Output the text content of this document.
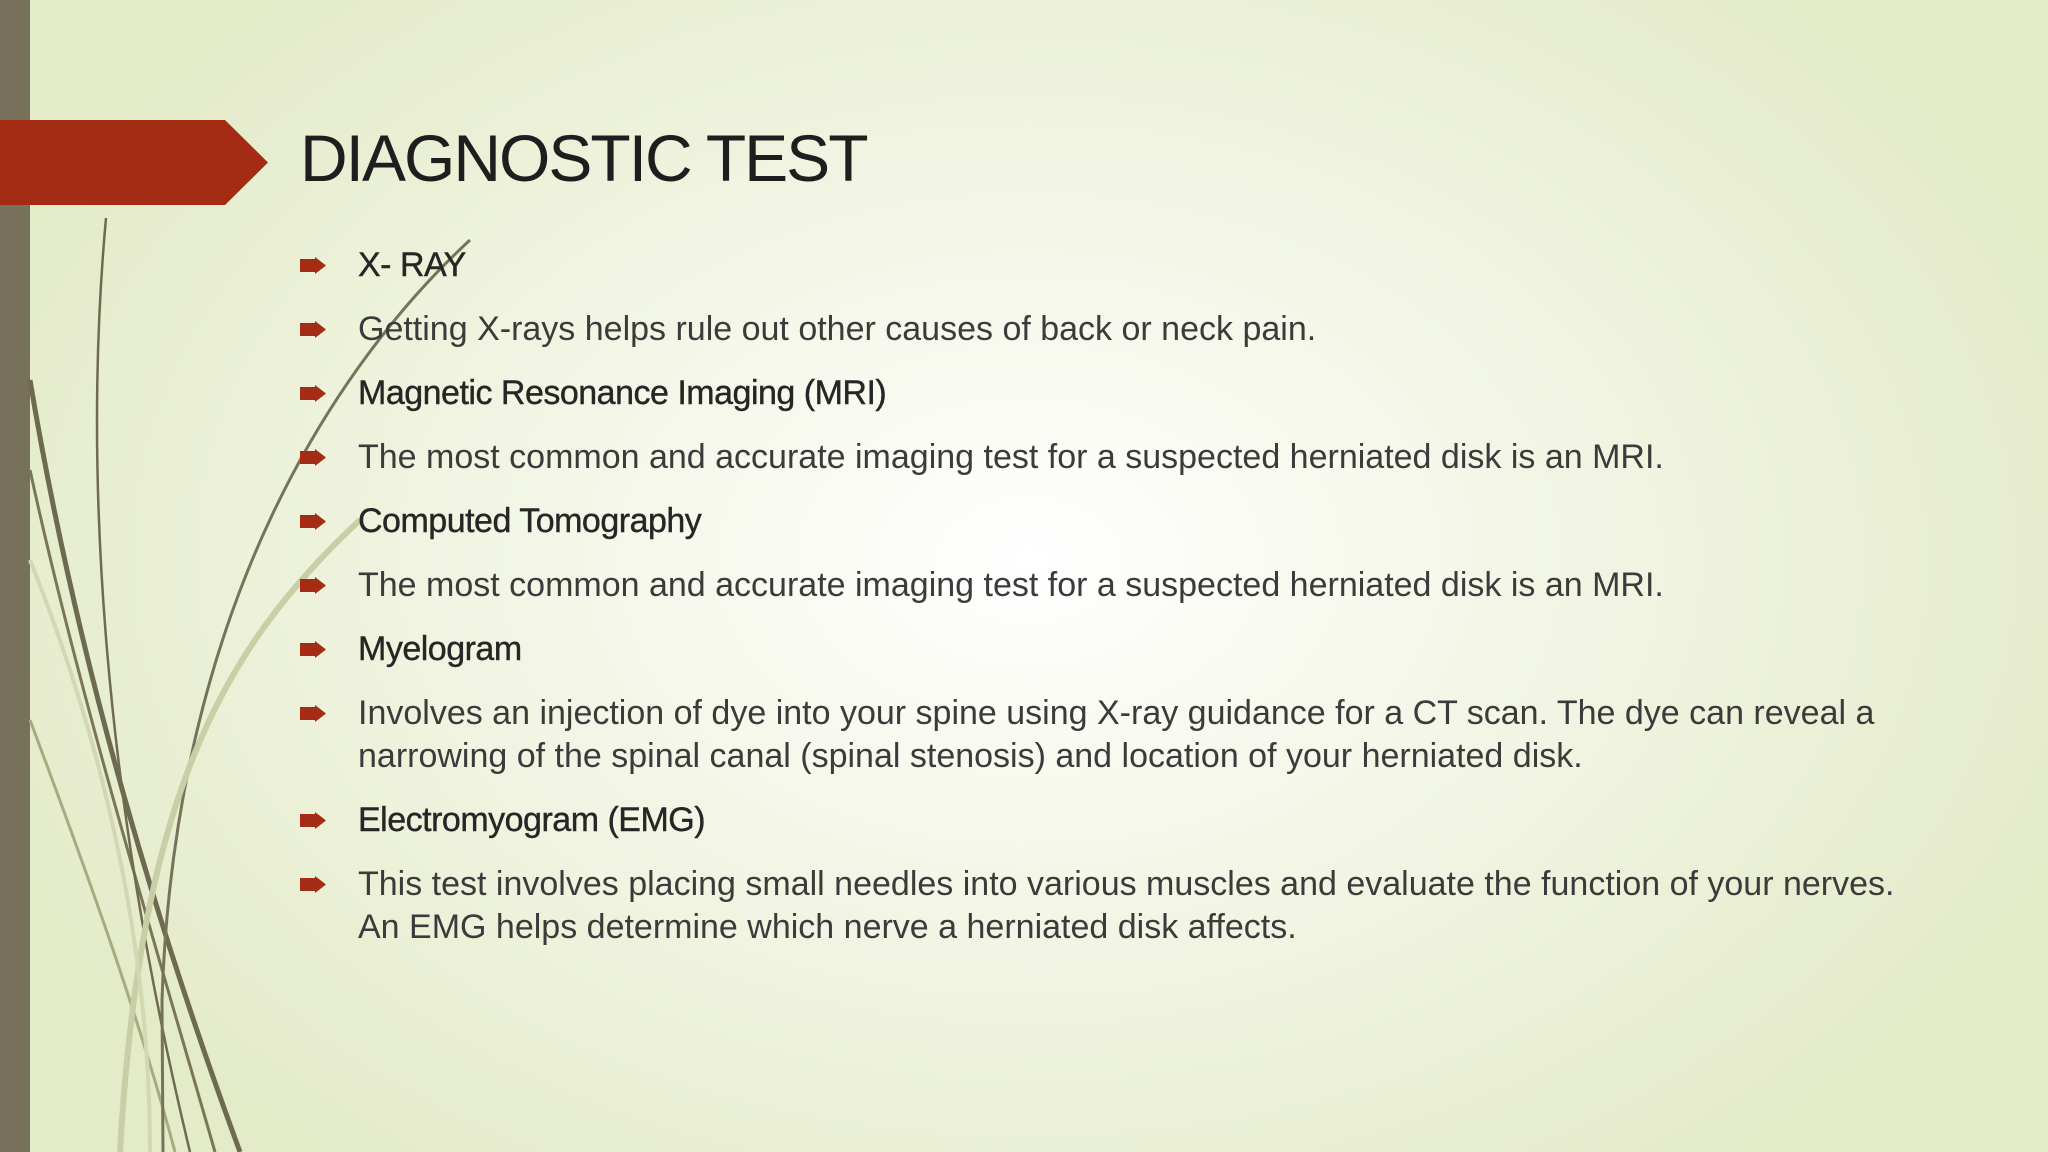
DIAGNOSTIC TEST
X- RAY
Getting X-rays helps rule out other causes of back or neck pain.
Magnetic Resonance Imaging (MRI)
The most common and accurate imaging test for a suspected herniated disk is an MRI.
Computed Tomography
The most common and accurate imaging test for a suspected herniated disk is an MRI.
Myelogram
Involves an injection of dye into your spine using X-ray guidance for a CT scan. The dye can reveal a narrowing of the spinal canal (spinal stenosis) and location of your herniated disk.
Electromyogram (EMG)
This test involves placing small needles into various muscles and evaluate the function of your nerves. An EMG helps determine which nerve a herniated disk affects.
